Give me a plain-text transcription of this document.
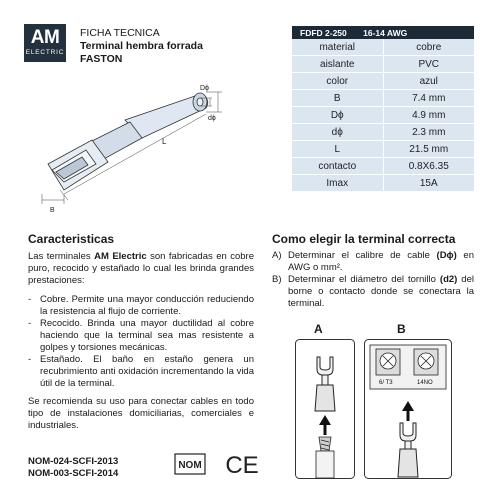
AM
ELECTRIC
FICHA TECNICA
Terminal hembra forrada
FASTON
FDFD 2-250 16-14 AWG	
material	cobre
aislante	PVC
color	azul
B	7.4 mm
Dϕ	4.9 mm
dϕ	2.3 mm
L	21.5 mm
contacto	0.8X6.35
Imax	15A
Dϕ
dϕ
L
B
Caracteristicas
Las terminales AM Electric son fabricadas en cobre puro, recocido y estañado lo cual les brinda grandes prestaciones:
- Cobre. Permite una mayor conducción reduciendo la resistencia al flujo de corriente.
- Recocido. Brinda una mayor ductilidad al cobre haciendo que la terminal sea mas resistente a golpes y torsiones mecánicas.
- Estañado. El baño en estaño genera un recubrimiento anti oxidación incrementando la vida útil de la terminal.
Se recomienda su uso para conectar cables en todo tipo de instalaciones domiciliarias, comerciales e industriales.
NOM-024-SCFI-2013
NOM-003-SCFI-2014
NOM CE
Como elegir la terminal correcta
A) Determinar el calibre de cable (Dϕ) en AWG o mm².
B) Determinar el diámetro del tornillo (d2) del borne o contacto donde se conectara la terminal.
A	B
6/ T3	14NO
